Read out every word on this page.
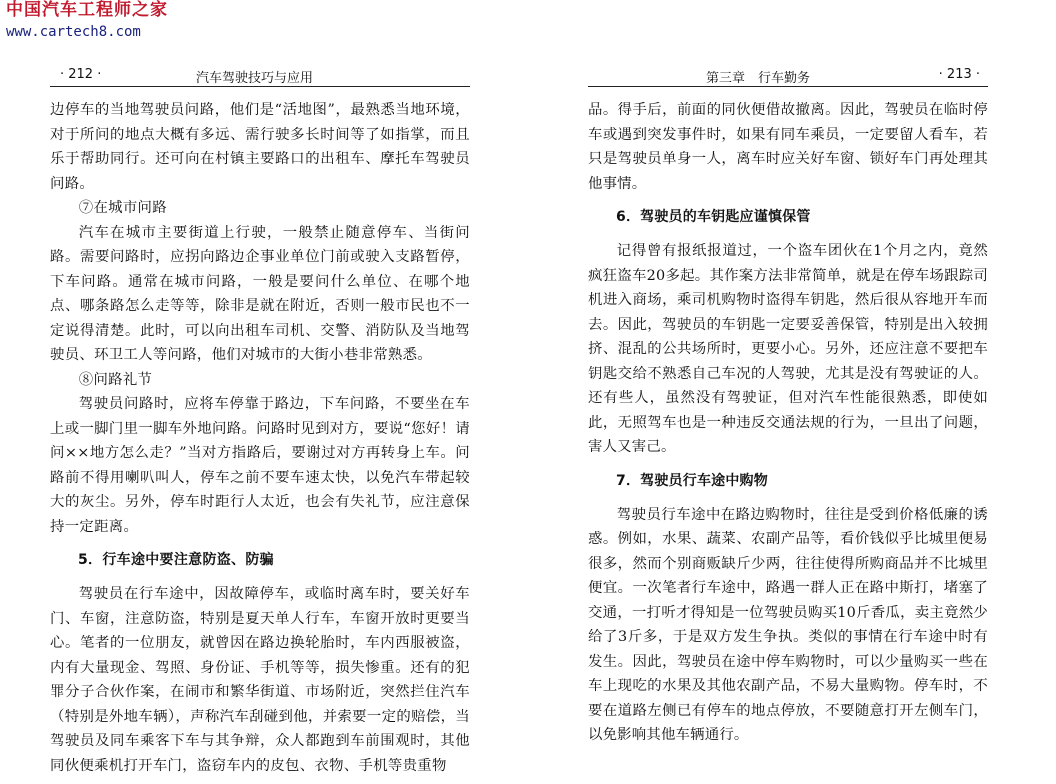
中国汽车工程师之家
www.cartech8.com
· 212 ·	汽车驾驶技巧与应用

边停车的当地驾驶员问路，他们是“活地图”，最熟悉当地环境，对于所问的地点大概有多远、需行驶多长时间等了如指掌，而且乐于帮助同行。还可向在村镇主要路口的出租车、摩托车驾驶员问路。

⑦在城市问路

汽车在城市主要街道上行驶，一般禁止随意停车、当街问路。需要问路时，应拐向路边企事业单位门前或驶入支路暂停，下车问路。通常在城市问路，一般是要问什么单位、在哪个地点、哪条路怎么走等等，除非是就在附近，否则一般市民也不一定说得清楚。此时，可以向出租车司机、交警、消防队及当地驾驶员、环卫工人等问路，他们对城市的大街小巷非常熟悉。

⑧问路礼节

驾驶员问路时，应将车停靠于路边，下车问路，不要坐在车上或一脚门里一脚车外地问路。问路时见到对方，要说“您好！请问××地方怎么走？”当对方指路后，要谢过对方再转身上车。问路前不得用喇叭叫人，停车之前不要车速太快，以免汽车带起较大的灰尘。另外，停车时距行人太近，也会有失礼节，应注意保持一定距离。

5．行车途中要注意防盗、防骗

驾驶员在行车途中，因故障停车，或临时离车时，要关好车门、车窗，注意防盗，特别是夏天单人行车，车窗开放时更要当心。笔者的一位朋友，就曾因在路边换轮胎时，车内西服被盗，内有大量现金、驾照、身份证、手机等等，损失惨重。还有的犯罪分子合伙作案，在闹市和繁华街道、市场附近，突然拦住汽车（特别是外地车辆），声称汽车刮碰到他，并索要一定的赔偿，当驾驶员及同车乘客下车与其争辩，众人都跑到车前围观时，其他同伙便乘机打开车门，盗窃车内的皮包、衣物、手机等贵重物

第三章　行车勤务	· 213 ·

品。得手后，前面的同伙便借故撤离。因此，驾驶员在临时停车或遇到突发事件时，如果有同车乘员，一定要留人看车，若只是驾驶员单身一人，离车时应关好车窗、锁好车门再处理其他事情。

6．驾驶员的车钥匙应谨慎保管

记得曾有报纸报道过，一个盗车团伙在1个月之内，竟然疯狂盗车20多起。其作案方法非常简单，就是在停车场跟踪司机进入商场，乘司机购物时盗得车钥匙，然后很从容地开车而去。因此，驾驶员的车钥匙一定要妥善保管，特别是出入较拥挤、混乱的公共场所时，更要小心。另外，还应注意不要把车钥匙交给不熟悉自己车况的人驾驶，尤其是没有驾驶证的人。还有些人，虽然没有驾驶证，但对汽车性能很熟悉，即使如此，无照驾车也是一种违反交通法规的行为，一旦出了问题，害人又害己。

7．驾驶员行车途中购物

驾驶员行车途中在路边购物时，往往是受到价格低廉的诱惑。例如，水果、蔬菜、农副产品等，看价钱似乎比城里便易很多，然而个别商贩缺斤少两，往往使得所购商品并不比城里便宜。一次笔者行车途中，路遇一群人正在路中斯打，堵塞了交通，一打听才得知是一位驾驶员购买10斤香瓜，卖主竟然少给了3斤多，于是双方发生争执。类似的事情在行车途中时有发生。因此，驾驶员在途中停车购物时，可以少量购买一些在车上现吃的水果及其他农副产品，不易大量购物。停车时，不要在道路左侧已有停车的地点停放，不要随意打开左侧车门，以免影响其他车辆通行。
